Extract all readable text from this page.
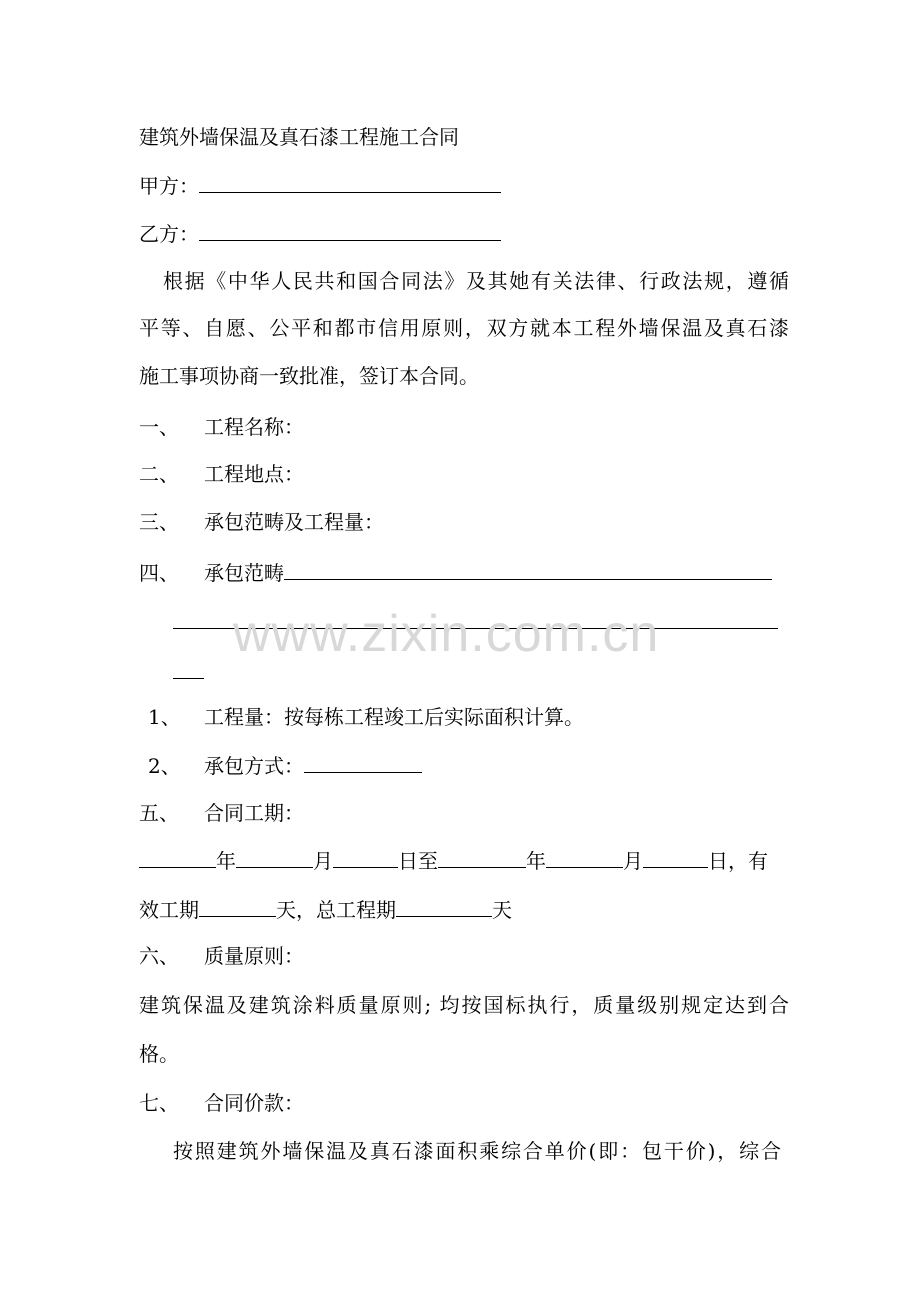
建筑外墙保温及真石漆工程施工合同
甲方：
乙方：
根据《中华人民共和国合同法》及其她有关法律、行政法规，遵循
平等、自愿、公平和都市信用原则，双方就本工程外墙保温及真石漆
施工事项协商一致批准，签订本合同。
一、 工程名称：
二、 工程地点：
三、 承包范畴及工程量：
四、 承包范畴
1、 工程量：按每栋工程竣工后实际面积计算。
2、 承包方式：
五、 合同工期：
年	月	日至	年	月	日，有
效工期	天，总工程期	天
六、 质量原则：
建筑保温及建筑涂料质量原则; 均按国标执行，质量级别规定达到合
格。
七、 合同价款：
按照建筑外墙保温及真石漆面积乘综合单价(即：包干价)，综合
www.zixin.com.cn
